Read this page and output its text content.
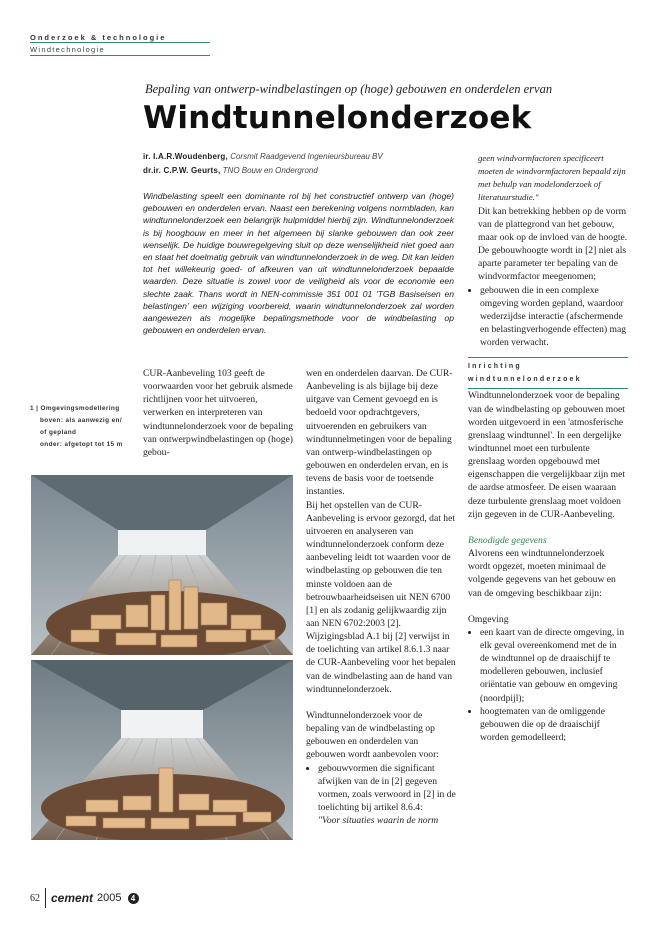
Onderzoek & technologie
Windtechnologie
Bepaling van ontwerp-windbelastingen op (hoge) gebouwen en onderdelen ervan
Windtunnelonderzoek
ir. I.A.R.Woudenberg, Corsmit Raadgevend Ingenieursbureau BV
dr.ir. C.P.W. Geurts, TNO Bouw en Ondergrond
Windbelasting speelt een dominante rol bij het constructief ontwerp van (hoge) gebouwen en onderdelen ervan. Naast een berekening volgens normbladen, kan windtunnelonderzoek een belangrijk hulpmiddel hierbij zijn. Windtunnelonderzoek is bij hoogbouw en meer in het algemeen bij slanke gebouwen dan ook zeer wenselijk. De huidige bouwregelgeving sluit op deze wenselijkheid niet goed aan en staat het doelmatig gebruik van windtunnelonderzoek in de weg. Dit kan leiden tot het willekeurig goed- of afkeuren van uit windtunnelonderzoek bepaalde waarden. Deze situatie is zowel voor de veiligheid als voor de economie een slechte zaak. Thans wordt in NEN-commissie 351 001 01 'TGB Basiseisen en belastingen' een wijziging voorbereid, waarin windtunnelonderzoek zal worden aangewezen als mogelijke bepalingsmethode voor de windbelasting op gebouwen en onderdelen ervan.
1 | Omgevingsmodellering
boven: als aanwezig en/
of gepland
onder: afgetopt tot 15 m

CUR-Aanbeveling 103 geeft de voorwaarden voor het gebruik alsmede richtlijnen voor het uitvoeren, verwerken en interpreteren van windtunnelonderzoek voor de bepaling van ontwerpwindbelastingen op (hoge) gebou-

wen en onderdelen daarvan. De CUR-Aanbeveling is als bijlage bij deze uitgave van Cement gevoegd en is bedoeld voor opdrachtgevers, uitvoerenden en gebruikers van windtunnelmetingen voor de bepaling van ontwerp-windbelastingen op gebouwen en onderdelen ervan, en is tevens de basis voor de toetsende instanties.

Bij het opstellen van de CUR-Aanbeveling is ervoor gezorgd, dat het uitvoeren en analyseren van windtunnelonderzoek conform deze aanbeveling leidt tot waarden voor de windbelasting op gebouwen die ten minste voldoen aan de betrouwbaarheidseisen uit NEN 6700 [1] en als zodanig gelijkwaardig zijn aan NEN 6702:2003 [2]. Wijzigingsblad A.1 bij [2] verwijst in de toelichting van artikel 8.6.1.3 naar de CUR-Aanbeveling voor het bepalen van de windbelasting aan de hand van windtunnelonderzoek.

Windtunnelonderzoek voor de bepaling van de windbelasting op gebouwen en onderdelen van gebouwen wordt aanbevolen voor:

• gebouwvormen die significant afwijken van de in [2] gegeven vormen, zoals verwoord in [2] in de toelichting bij artikel 8.6.4:

"Voor situaties waarin de norm

geen windvormfactoren specificeert moeten de windvormfactoren bepaald zijn met behulp van modelonderzoek of literatuurstudie."

Dit kan betrekking hebben op de vorm van de plattegrond van het gebouw, maar ook op de invloed van de hoogte. De gebouwhoogte wordt in [2] niet als aparte parameter ter bepaling van de windvormfactor meegenomen;

• gebouwen die in een complexe omgeving worden gepland, waardoor wederzijdse interactie (afschermende en belastingverhogende effecten) mag worden verwacht.
Inrichting windtunnelonderzoek

Windtunnelonderzoek voor de bepaling van de windbelasting op gebouwen moet worden uitgevoerd in een 'atmosferische grenslaag windtunnel'. In een dergelijke windtunnel moet een turbulente grenslaag worden opgebouwd met eigenschappen die vergelijkbaar zijn met de aardse atmosfeer. De eisen waaraan deze turbulente grenslaag moet voldoen zijn gegeven in de CUR-Aanbeveling.

Benodigde gegevens

Alvorens een windtunnelonderzoek wordt opgezet, moeten minimaal de volgende gegevens van het gebouw en van de omgeving beschikbaar zijn:

Omgeving

• een kaart van de directe omgeving, in elk geval overeenkomend met de in de windtunnel op de draaischijf te modelleren gebouwen, inclusief oriëntatie van gebouw en omgeving (noordpijl);
• hoogtematen van de omliggende gebouwen die op de draaischijf worden gemodelleerd;
62 cement 2005	4
